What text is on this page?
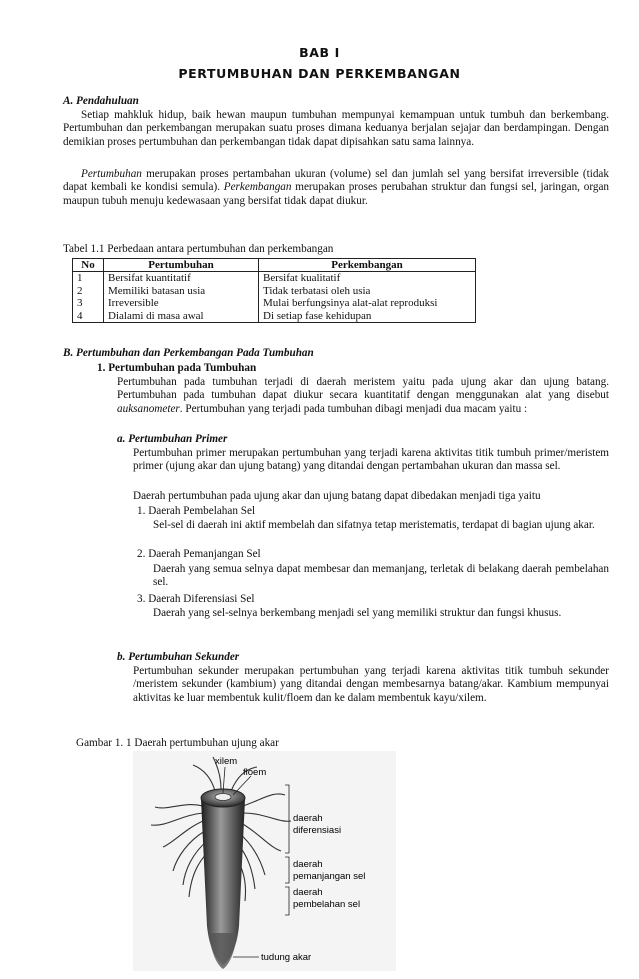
BAB I
PERTUMBUHAN DAN PERKEMBANGAN
A. Pendahuluan
Setiap mahkluk hidup, baik hewan maupun tumbuhan mempunyai kemampuan untuk tumbuh dan berkembang. Pertumbuhan dan perkembangan merupakan suatu proses dimana keduanya berjalan sejajar dan berdampingan. Dengan demikian proses pertumbuhan dan perkembangan tidak dapat dipisahkan satu sama lainnya.
Pertumbuhan merupakan proses pertambahan ukuran (volume) sel dan jumlah sel yang bersifat irreversible (tidak dapat kembali ke kondisi semula). Perkembangan merupakan proses perubahan struktur dan fungsi sel, jaringan, organ maupun tubuh menuju kedewasaan yang bersifat tidak dapat diukur.
Tabel 1.1 Perbedaan antara pertumbuhan dan perkembangan
No	Pertumbuhan	Perkembangan
1	Bersifat kuantitatif	Bersifat kualitatif
2	Memiliki batasan usia	Tidak terbatasi oleh usia
3	Irreversible	Mulai berfungsinya alat-alat reproduksi
4	Dialami di masa awal	Di setiap fase kehidupan
B. Pertumbuhan dan Perkembangan Pada Tumbuhan
1. Pertumbuhan pada Tumbuhan
Pertumbuhan pada tumbuhan terjadi di daerah meristem yaitu pada ujung akar dan ujung batang. Pertumbuhan pada tumbuhan dapat diukur secara kuantitatif dengan menggunakan alat yang disebut auksanometer. Pertumbuhan yang terjadi pada tumbuhan dibagi menjadi dua macam yaitu :
a. Pertumbuhan Primer
Pertumbuhan primer merupakan pertumbuhan yang terjadi karena aktivitas titik tumbuh primer/meristem primer (ujung akar dan ujung batang) yang ditandai dengan pertambahan ukuran dan massa sel.
Daerah pertumbuhan pada ujung akar dan ujung batang dapat dibedakan menjadi tiga yaitu
1. Daerah Pembelahan Sel
Sel-sel di daerah ini aktif membelah dan sifatnya tetap meristematis, terdapat di bagian ujung akar.
2. Daerah Pemanjangan Sel
Daerah yang semua selnya dapat membesar dan memanjang, terletak di belakang daerah pembelahan sel.
3. Daerah Diferensiasi Sel
Daerah yang sel-selnya berkembang menjadi sel yang memiliki struktur dan fungsi khusus.
b. Pertumbuhan Sekunder
Pertumbuhan sekunder merupakan pertumbuhan yang terjadi karena aktivitas titik tumbuh sekunder /meristem sekunder (kambium) yang ditandai dengan membesarnya batang/akar. Kambium mempunyai aktivitas ke luar membentuk kulit/floem dan ke dalam membentuk kayu/xilem.
Gambar 1. 1 Daerah pertumbuhan ujung akar
xilem
floem
daerah
diferensiasi
daerah
pemanjangan sel
daerah
pembelahan sel
tudung akar
